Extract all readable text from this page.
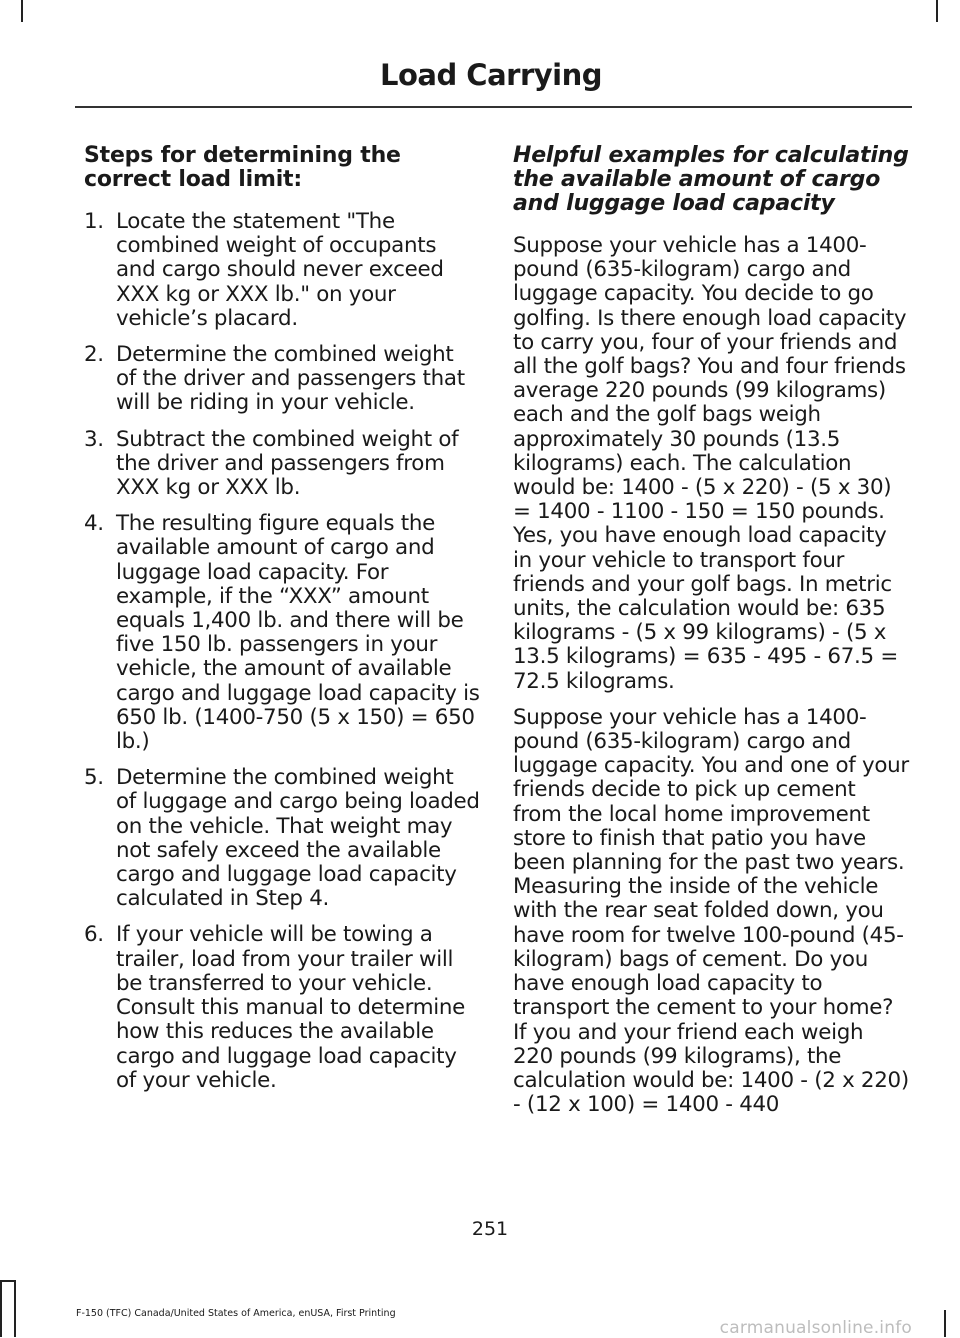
Load Carrying
Steps for determining the correct load limit:
1. Locate the statement "The combined weight of occupants and cargo should never exceed XXX kg or XXX lb." on your vehicle’s placard.
2. Determine the combined weight of the driver and passengers that will be riding in your vehicle.
3. Subtract the combined weight of the driver and passengers from XXX kg or XXX lb.
4. The resulting figure equals the available amount of cargo and luggage load capacity. For example, if the “XXX” amount equals 1,400 lb. and there will be five 150 lb. passengers in your vehicle, the amount of available cargo and luggage load capacity is 650 lb. (1400-750 (5 x 150) = 650 lb.)
5. Determine the combined weight of luggage and cargo being loaded on the vehicle. That weight may not safely exceed the available cargo and luggage load capacity calculated in Step 4.
6. If your vehicle will be towing a trailer, load from your trailer will be transferred to your vehicle. Consult this manual to determine how this reduces the available cargo and luggage load capacity of your vehicle.
Helpful examples for calculating the available amount of cargo and luggage load capacity

Suppose your vehicle has a 1400-pound (635-kilogram) cargo and luggage capacity. You decide to go golfing. Is there enough load capacity to carry you, four of your friends and all the golf bags? You and four friends average 220 pounds (99 kilograms) each and the golf bags weigh approximately 30 pounds (13.5 kilograms) each. The calculation would be: 1400 - (5 x 220) - (5 x 30) = 1400 - 1100 - 150 = 150 pounds. Yes, you have enough load capacity in your vehicle to transport four friends and your golf bags. In metric units, the calculation would be: 635 kilograms - (5 x 99 kilograms) - (5 x 13.5 kilograms) = 635 - 495 - 67.5 = 72.5 kilograms.

Suppose your vehicle has a 1400-pound (635-kilogram) cargo and luggage capacity. You and one of your friends decide to pick up cement from the local home improvement store to finish that patio you have been planning for the past two years. Measuring the inside of the vehicle with the rear seat folded down, you have room for twelve 100-pound (45-kilogram) bags of cement. Do you have enough load capacity to transport the cement to your home? If you and your friend each weigh 220 pounds (99 kilograms), the calculation would be: 1400 - (2 x 220) - (12 x 100) = 1400 - 440

251
F-150 (TFC) Canada/United States of America, enUSA, First Printing
carmanualsonline.info
